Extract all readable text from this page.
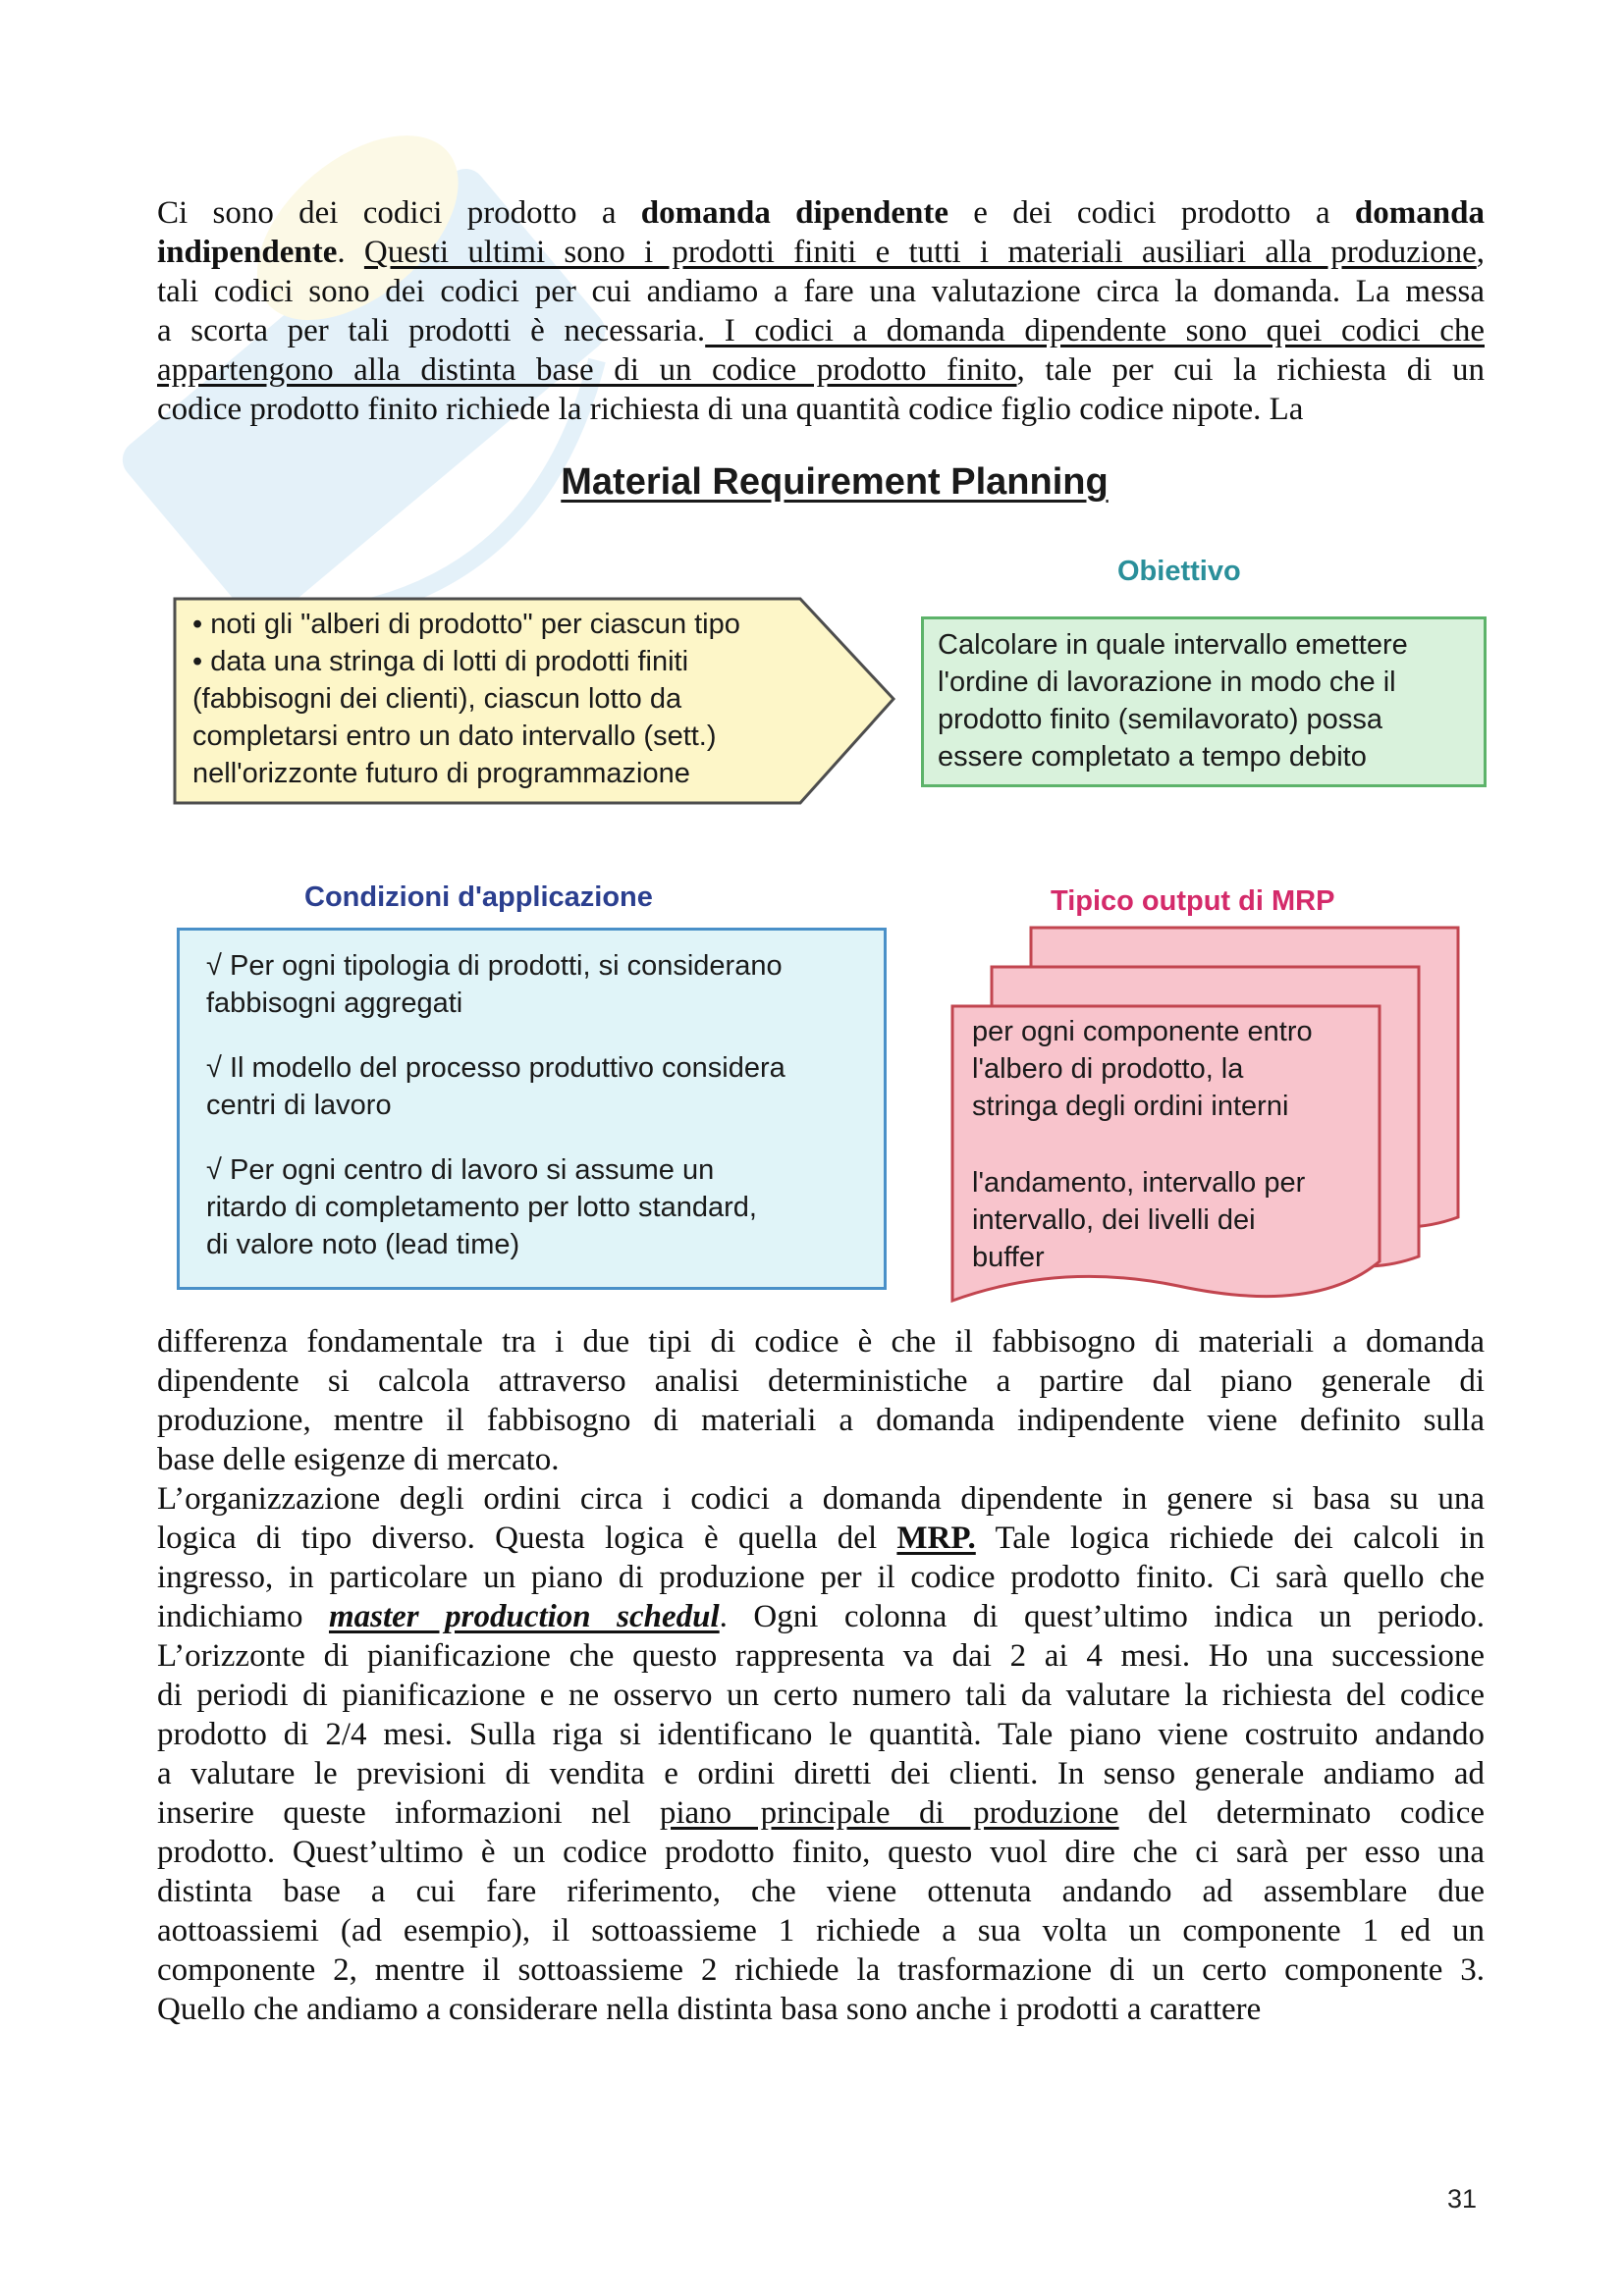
Ci sono dei codici prodotto a domanda dipendente e dei codici prodotto a domanda
indipendente. Questi ultimi sono i prodotti finiti e tutti i materiali ausiliari alla produzione,
tali codici sono dei codici per cui andiamo a fare una valutazione circa la domanda. La messa
a scorta per tali prodotti è necessaria. I codici a domanda dipendente sono quei codici che
appartengono alla distinta base di un codice prodotto finito, tale per cui la richiesta di un
codice prodotto finito richiede la richiesta di una quantità codice figlio codice nipote. La
Material Requirement Planning
Obiettivo
• noti gli "alberi di prodotto" per ciascun tipo
• data una stringa di lotti di prodotti finiti
(fabbisogni dei clienti), ciascun lotto da
completarsi entro un dato intervallo (sett.)
nell'orizzonte futuro di programmazione
Calcolare in quale intervallo emettere
l'ordine di lavorazione in modo che il
prodotto finito (semilavorato) possa
essere completato a tempo debito
Condizioni d'applicazione
√ Per ogni tipologia di prodotti, si considerano
fabbisogni aggregati
√ Il modello del processo produttivo considera
centri di lavoro
√ Per ogni centro di lavoro si assume un
ritardo di completamento per lotto standard,
di valore noto (lead time)
Tipico output di MRP
per ogni componente entro
l'albero di prodotto, la
stringa degli ordini interni
l'andamento, intervallo per
intervallo, dei livelli dei
buffer
differenza fondamentale tra i due tipi di codice è che il fabbisogno di materiali a domanda
dipendente si calcola attraverso analisi deterministiche a partire dal piano generale di
produzione, mentre il fabbisogno di materiali a domanda indipendente viene definito sulla
base delle esigenze di mercato.
L’organizzazione degli ordini circa i codici a domanda dipendente in genere si basa su una
logica di tipo diverso. Questa logica è quella del MRP. Tale logica richiede dei calcoli in
ingresso, in particolare un piano di produzione per il codice prodotto finito. Ci sarà quello che
indichiamo master production schedul. Ogni colonna di quest’ultimo indica un periodo.
L’orizzonte di pianificazione che questo rappresenta va dai 2 ai 4 mesi. Ho una successione
di periodi di pianificazione e ne osservo un certo numero tali da valutare la richiesta del codice
prodotto di 2/4 mesi. Sulla riga si identificano le quantità. Tale piano viene costruito andando
a valutare le previsioni di vendita e ordini diretti dei clienti. In senso generale andiamo ad
inserire queste informazioni nel piano principale di produzione del determinato codice
prodotto. Quest’ultimo è un codice prodotto finito, questo vuol dire che ci sarà per esso una
distinta base a cui fare riferimento, che viene ottenuta andando ad assemblare due
aottoassiemi (ad esempio), il sottoassieme 1 richiede a sua volta un componente 1 ed un
componente 2, mentre il sottoassieme 2 richiede la trasformazione di un certo componente 3.
Quello che andiamo a considerare nella distinta basa sono anche i prodotti a carattere
31
